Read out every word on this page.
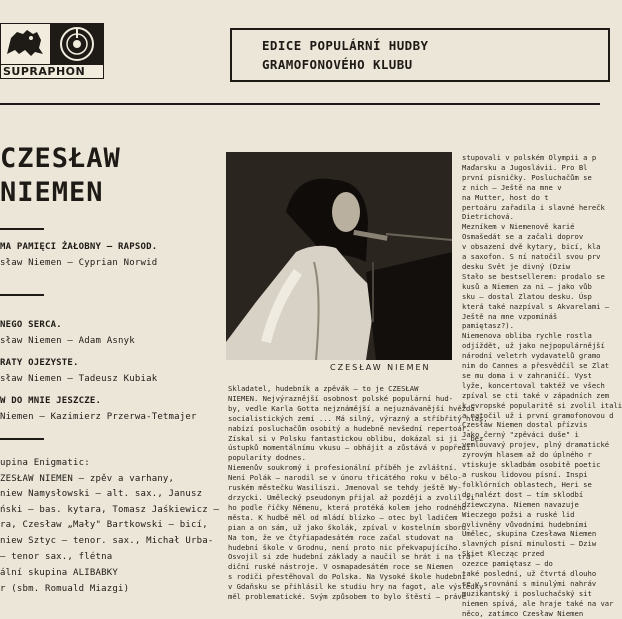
SUPRAPHON
EDICE POPULÁRNÍ HUDBY
GRAMOFONOVÉHO KLUBU
CZESŁAW
NIEMEN
CZESŁAW NIEMEN
MA PAMIĘCI ŻAŁOBNY – RAPSOD.
sław Niemen – Cyprian Norwid
NEGO SERCA.
sław Niemen – Adam Asnyk
RATY OJEZYSTE.
sław Niemen – Tadeusz Kubiak
W DO MNIE JESZCZE.
Niemen – Kazimierz Przerwa-Tetmajer
upina Enigmatic:
ZESŁAW NIEMEN – zpěv a varhany,
niew Namysłowski – alt. sax., Janusz
ński – bas. kytara, Tomasz Jaśkiewicz –
ra, Czesław „Mały" Bartkowski – bicí,
niew Sztyc – tenor. sax., Michał Urba-
– tenor sax., flétna
ální skupina ALIBABKY
r (sbm. Romuald Miazgi)

Skladatel, hudebník a zpěvák – to je CZESŁAW

NIEMEN. Nejvýraznější osobnost polské populární hud-

by, vedle Karla Gotta nejznámější a nejuznávanější hvězda

socialistických zemí ... Má silný, výrazný a stříbřitý hlas,

nabízí posluchačům osobitý a hudebně nevšední repertoár.

Získal si v Polsku fantastickou oblibu, dokázal si ji – bez

ústupků momentálnímu vkusu – obhájit a zůstává v popředí

popularity dodnes.

Niemenův soukromý i profesionální příběh je zvláštní.

Není Polák – narodil se v únoru třicátého roku v bělo-

ruském městečku Wasiliszi. Jmenoval se tehdy ještě Wy-

drzycki. Umělecký pseudonym přijal až později a zvolil si

ho podle říčky Němenu, která protéká kolem jeho rodného

města. K hudbě měl od mládí blízko – otec byl ladičem

pian a on sám, už jako školák, zpíval v kostelním sboru.

Na tom, že ve čtyřiapadesátém roce začal studovat na

hudební škole v Grodnu, není proto nic překvapujícího.

Osvojil si zde hudební základy a naučil se hrát i na tra-

diční ruské nástroje. V osmapadesátém roce se Niemen

s rodiči přestěhoval do Polska. Na Vysoké škole hudební

v Gdaňsku se přihlásil ke studiu hry na fagot, ale výsledky

měl problematické. Svým způsobem to bylo štěstí – právě

stupovali v polském Olympii a p

Maďarsku a Jugoslávii. Pro Bl

první písničky. Posluchačům se

z nich – Ještě na mne v

na Mutter, host do t

pertoáru zařadila i slavné herečk

Dietrichová.

Mezníkem v Niemenově karié

Osmašedát se a začali doprov

v obsazení dvě kytary, bicí, kla

a saxofon. S ní natočil svou prv

desku Svět je divný (Dziw

Stało se bestsellerem: prodalo se

kusů a Niemen za ni – jako vůb

sku – dostal Zlatou desku. Úsp

která také nazpíval s Akvarelami –

Ještě na mne vzpomínáš

pamiętasz?).

Niemenova obliba rychle rostla

odjíždět, už jako nejpopulárnější

národní veletrh vydavatelů gramo

nim do Cannes a přesvědčil se Zlat

se mu doma i v zahraničí. Vyst

lyže, koncertoval taktéž ve všech

zpíval se cti také v západních zem

k evropské popularitě si zvolil itali

a natočil už i první gramofonovou d

Czesław Niemen dostal přízvis

Jako černý "zpěváci duše" i

vemlouvavý projev, plný dramatické

zyrovým hlasem až do úplného r

vtiskuje skladbám osobitě poetic

a ruskou lidovou písní. Inspi

folklórních oblastech, Heri se

do nalézt dost – tím sklodbí

dziewczyna. Niemen navazuje

Wieczego požsi a ruské lid

ovlivněny vůvodními hudebními

Umělec, skupina Czesława Niemen

slavných písní minulosti – Dziw

Skiet Klecząc przed

ozezce pamiętasz – do

také poslední, už čtvrtá dlouho

se v srovnání s minulými nahráv

muzikantský i posluchačský sit

niemen spívá, ale hraje také na var

něco, zatímco Czesław Niemen
